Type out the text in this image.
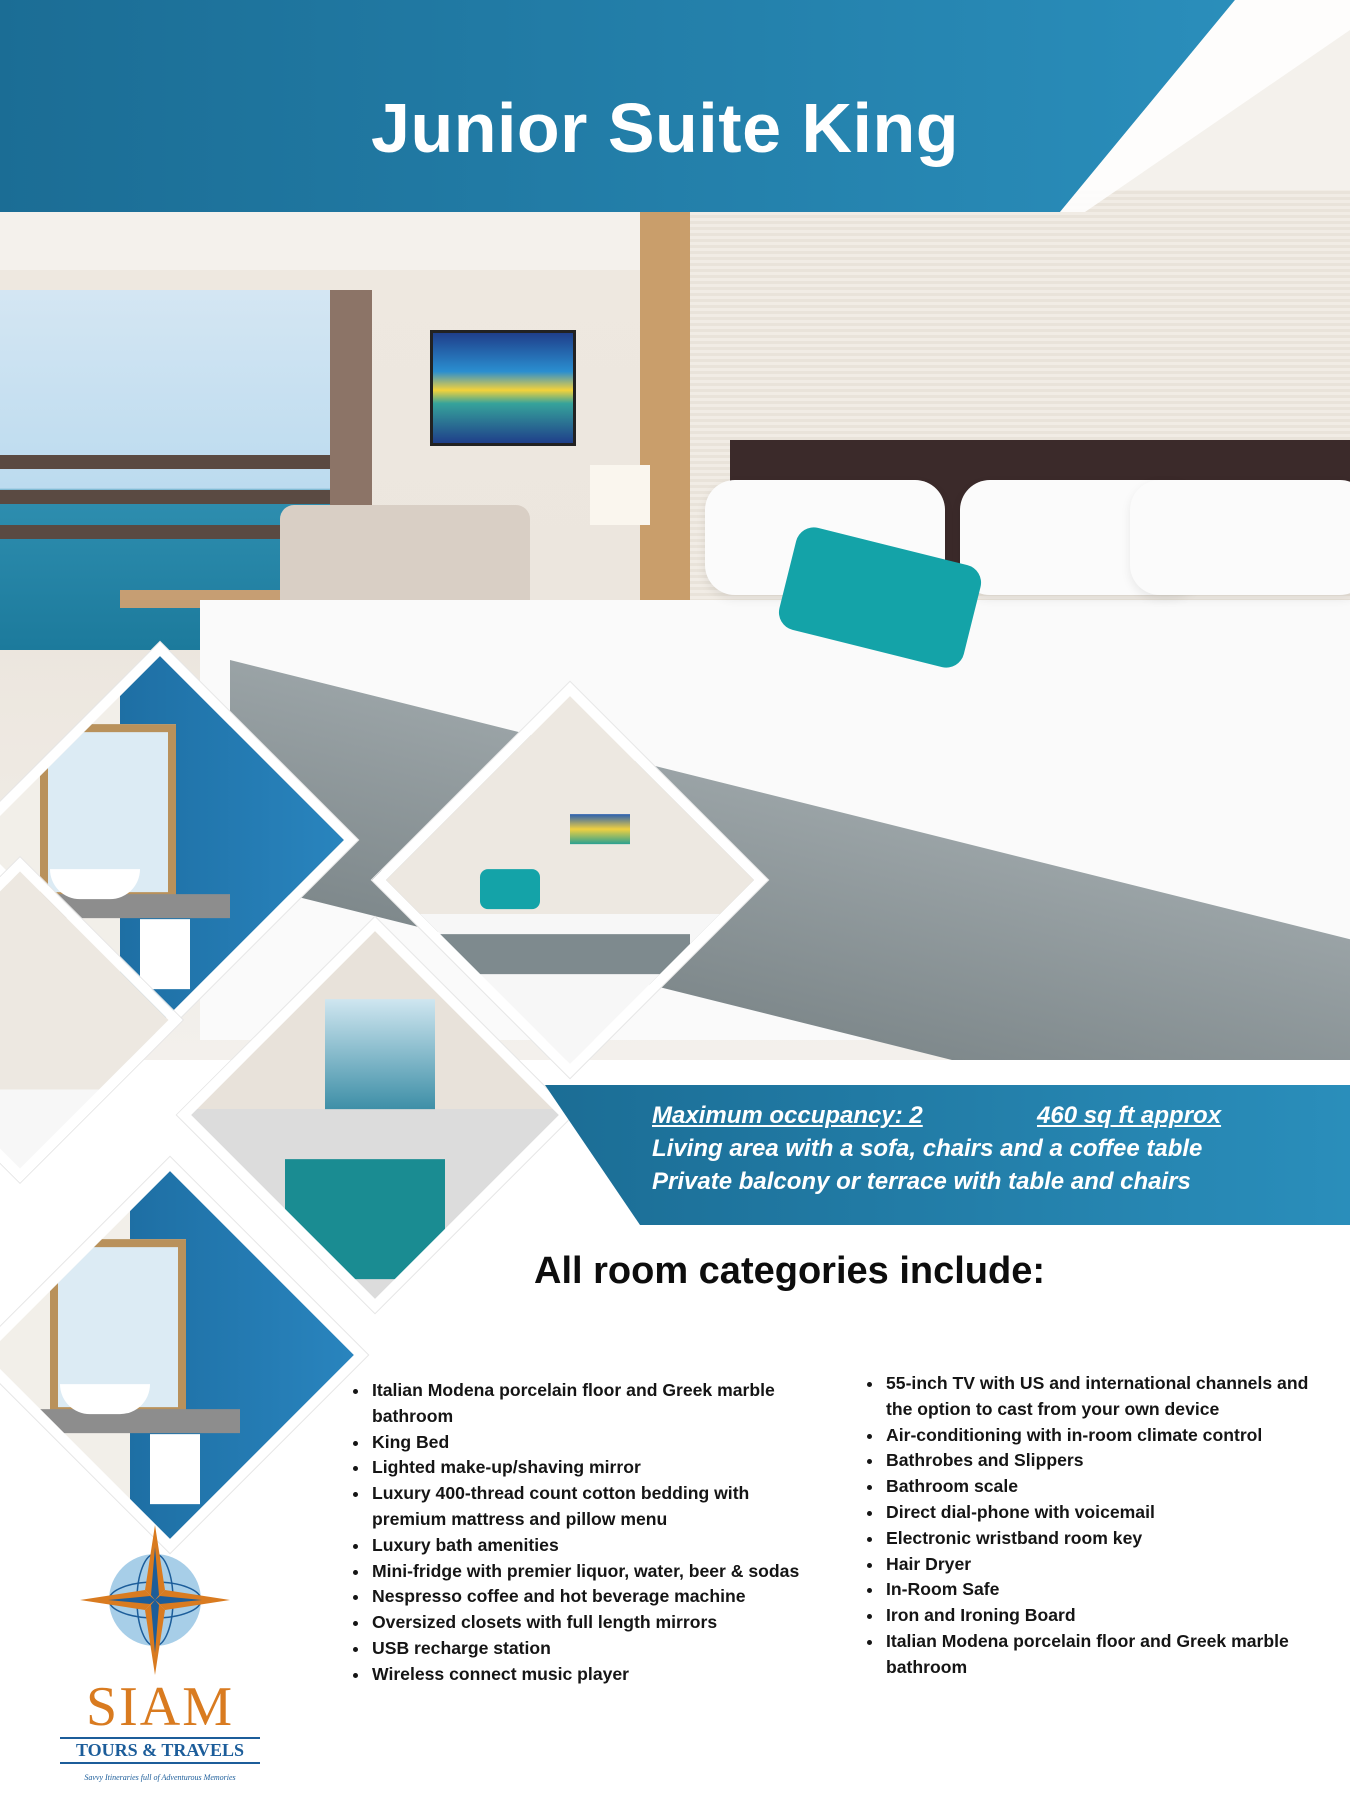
Junior Suite King
Maximum occupancy: 2	460 sq ft approx
Living area with a sofa, chairs and a coffee table
Private balcony or terrace with table and chairs
All room categories include:
• Italian Modena porcelain floor and Greek marble bathroom
• King Bed
• Lighted make-up/shaving mirror
• Luxury 400-thread count cotton bedding with premium mattress and pillow menu
• Luxury bath amenities
• Mini-fridge with premier liquor, water, beer & sodas
• Nespresso coffee and hot beverage machine
• Oversized closets with full length mirrors
• USB recharge station
• Wireless connect music player
• 55-inch TV with US and international channels and the option to cast from your own device
• Air-conditioning with in-room climate control
• Bathrobes and Slippers
• Bathroom scale
• Direct dial-phone with voicemail
• Electronic wristband room key
• Hair Dryer
• In-Room Safe
• Iron and Ironing Board
• Italian Modena porcelain floor and Greek marble bathroom
SIAM
TOURS & TRAVELS
Savvy Itineraries full of Adventurous Memories
